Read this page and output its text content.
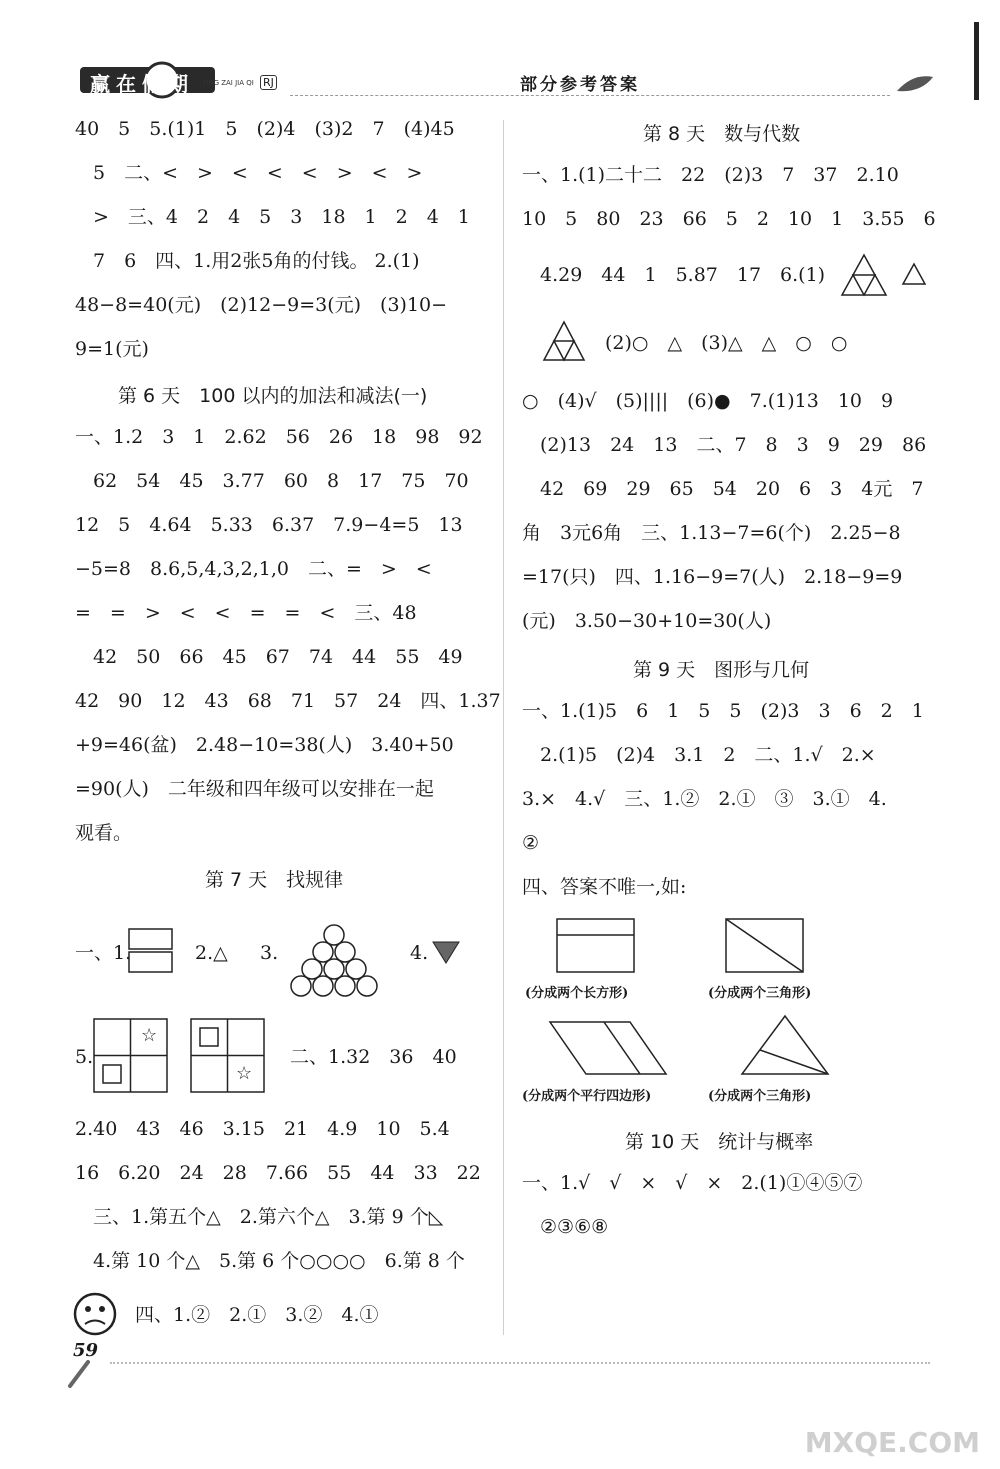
赢在假期 YING ZAI JIA QI RJ	部分参考答案
40　5　5.(1)1　5　(2)4　(3)2　7　(4)45
5　二、<　>　<　<　<　>　<　>
>　三、4　2　4　5　3　18　1　2　4　1
7　6　四、1.用2张5角的付钱。 2.(1)
48−8=40(元)　(2)12−9=3(元)　(3)10−
9=1(元)
第 6 天　100 以内的加法和减法(一)
一、1.2　3　1　2.62　56　26　18　98　92
62　54　45　3.77　60　8　17　75　70
12　5　4.64　5.33　6.37　7.9−4=5　13
−5=8　8.6,5,4,3,2,1,0　二、=　>　<
=　=　>　<　<　=　=　<　三、48
42　50　66　45　67　74　44　55　49
42　90　12　43　68　71　57　24　四、1.37
+9=46(盆)　2.48−10=38(人)　3.40+50
=90(人)　二年级和四年级可以安排在一起
观看。
第 7 天　找规律
一、1.	2.△ 3.	4.
5.
☆
☆
二、1.32　36　40
2.40　43　46　3.15　21　4.9　10　5.4
16　6.20　24　28　7.66　55　44　33　22
三、1.第五个△　2.第六个△　3.第 9 个◺
4.第 10 个△　5.第 6 个○○○○　6.第 8 个
四、1.②　2.①　3.②　4.①
第 8 天　数与代数
一、1.(1)二十二　22　(2)3　7　37　2.10
10　5　80　23　66　5　2　10　1　3.55　6
4.29　44　1　5.87　17　6.(1)
(2)○　△　(3)△　△　○　○
○　(4)√　(5)||||　(6)●　7.(1)13　10　9
(2)13　24　13　二、7　8　3　9　29　86
42　69　29　65　54　20　6　3　4元　7
角　3元6角　三、1.13−7=6(个)　2.25−8
=17(只)　四、1.16−9=7(人)　2.18−9=9
(元)　3.50−30+10=30(人)
第 9 天　图形与几何
一、1.(1)5　6　1　5　5　(2)3　3　6　2　1
2.(1)5　(2)4　3.1　2　二、1.√　2.×
3.×　4.√　三、1.②　2.①　③　3.①　4.
②
四、答案不唯一,如:
(分成两个长方形)	(分成两个三角形)
(分成两个平行四边形)	(分成两个三角形)
第 10 天　统计与概率
一、1.√　√　×　√　×　2.(1)①④⑤⑦
②③⑥⑧
59
MXQE.COM
